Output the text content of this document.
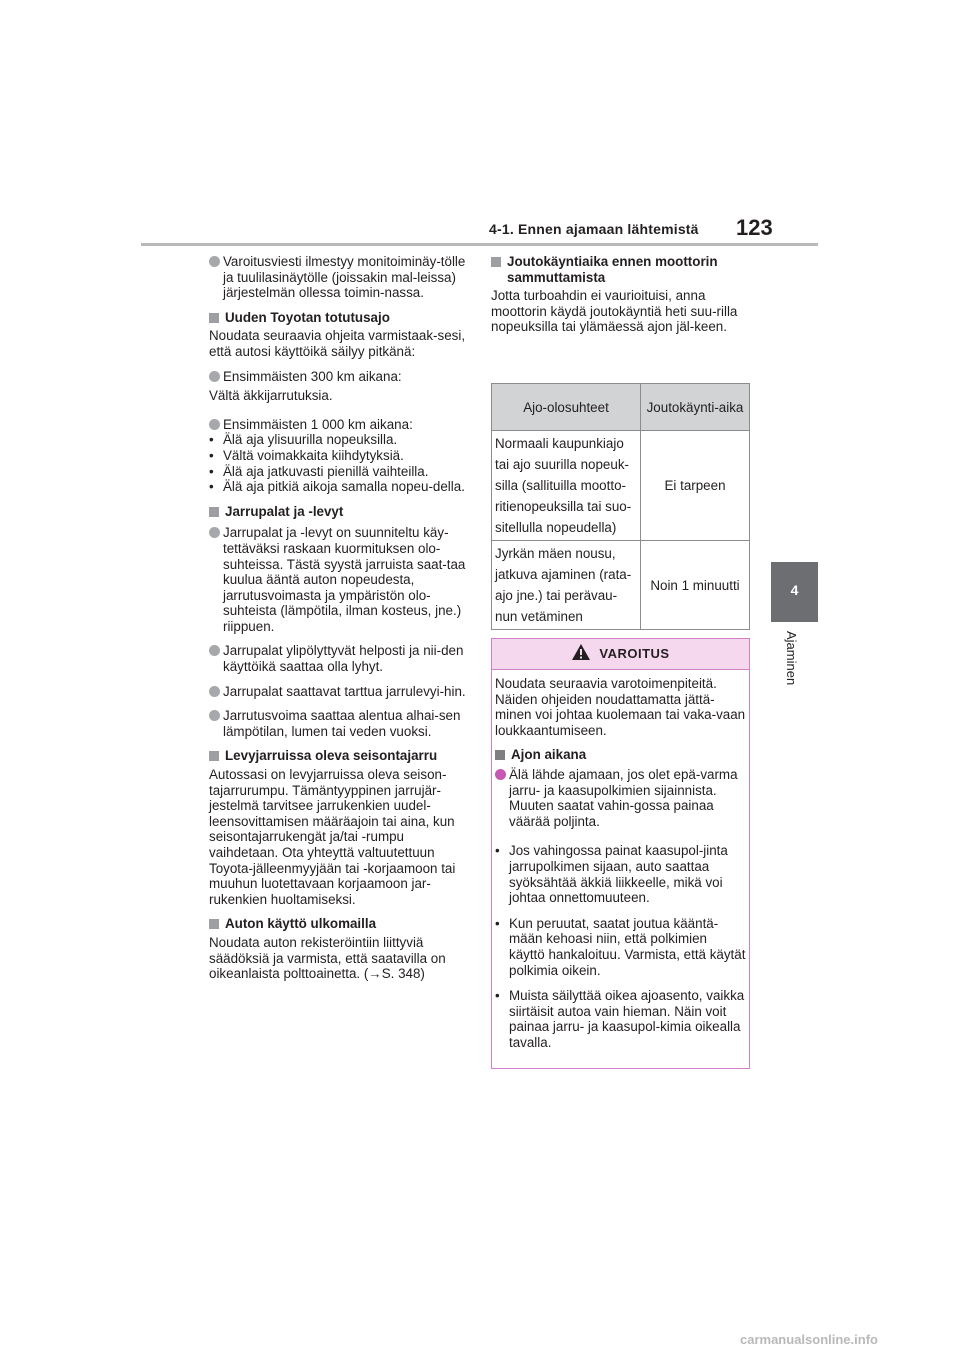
4-1. Ennen ajamaan lähtemistä 123
4
Ajaminen
Varoitusviesti ilmestyy monitoiminäy-tölle ja tuulilasinäytölle (joissakin mal-leissa) järjestelmän ollessa toimin-nassa.
Uuden Toyotan totutusajo
Noudata seuraavia ohjeita varmistaak-sesi, että autosi käyttöikä säilyy pitkänä:
Ensimmäisten 300 km aikana:
Vältä äkkijarrutuksia.
Ensimmäisten 1 000 km aikana:
• Älä aja ylisuurilla nopeuksilla.
• Vältä voimakkaita kiihdytyksiä.
• Älä aja jatkuvasti pienillä vaihteilla.
• Älä aja pitkiä aikoja samalla nopeu-della.
Jarrupalat ja -levyt
Jarrupalat ja -levyt on suunniteltu käy-tettäväksi raskaan kuormituksen olo-suhteissa. Tästä syystä jarruista saat-taa kuulua ääntä auton nopeudesta, jarrutusvoimasta ja ympäristön olo-suhteista (lämpötila, ilman kosteus, jne.) riippuen.
Jarrupalat ylipölyttyvät helposti ja nii-den käyttöikä saattaa olla lyhyt.
Jarrupalat saattavat tarttua jarrulevyi-hin.
Jarrutusvoima saattaa alentua alhai-sen lämpötilan, lumen tai veden vuoksi.
Levyjarruissa oleva seisontajarru
Autossasi on levyjarruissa oleva seison-tajarrurumpu. Tämäntyyppinen jarrujär-jestelmä tarvitsee jarrukenkien uudel-leensovittamisen määräajoin tai aina, kun seisontajarrukengät ja/tai -rumpu vaihdetaan. Ota yhteyttä valtuutettuun Toyota-jälleenmyyjään tai -korjaamoon tai muuhun luotettavaan korjaamoon jar-rukenkien huoltamiseksi.
Auton käyttö ulkomailla
Noudata auton rekisteröintiin liittyviä säädöksiä ja varmista, että saatavilla on oikeanlaista polttoainetta. (→S. 348)
Joutokäyntiaika ennen moottorin sammuttamista
Jotta turboahdin ei vaurioituisi, anna moottorin käydä joutokäyntiä heti suu-rilla nopeuksilla tai ylämäessä ajon jäl-keen.
Ajo-olosuhteet	Joutokäynti-aika
Normaali kaupunkiajo tai ajo suurilla nopeuk-silla (sallituilla mootto-ritienopeuksilla tai suo-sitellulla nopeudella)	Ei tarpeen
Jyrkän mäen nousu, jatkuva ajaminen (rata-ajo jne.) tai perävau-nun vetäminen	Noin 1 minuutti
VAROITUS
Noudata seuraavia varotoimenpiteitä. Näiden ohjeiden noudattamatta jättä-minen voi johtaa kuolemaan tai vaka-vaan loukkaantumiseen.
Ajon aikana
Älä lähde ajamaan, jos olet epä-varma jarru- ja kaasupolkimien sijainnista. Muuten saatat vahin-gossa painaa väärää poljinta.
• Jos vahingossa painat kaasupol-jinta jarrupolkimen sijaan, auto saattaa syöksähtää äkkiä liikkeelle, mikä voi johtaa onnettomuuteen.
• Kun peruutat, saatat joutua kääntä-mään kehoasi niin, että polkimien käyttö hankaloituu. Varmista, että käytät polkimia oikein.
• Muista säilyttää oikea ajoasento, vaikka siirtäisit autoa vain hieman. Näin voit painaa jarru- ja kaasupol-kimia oikealla tavalla.
carmanualsonline.info
